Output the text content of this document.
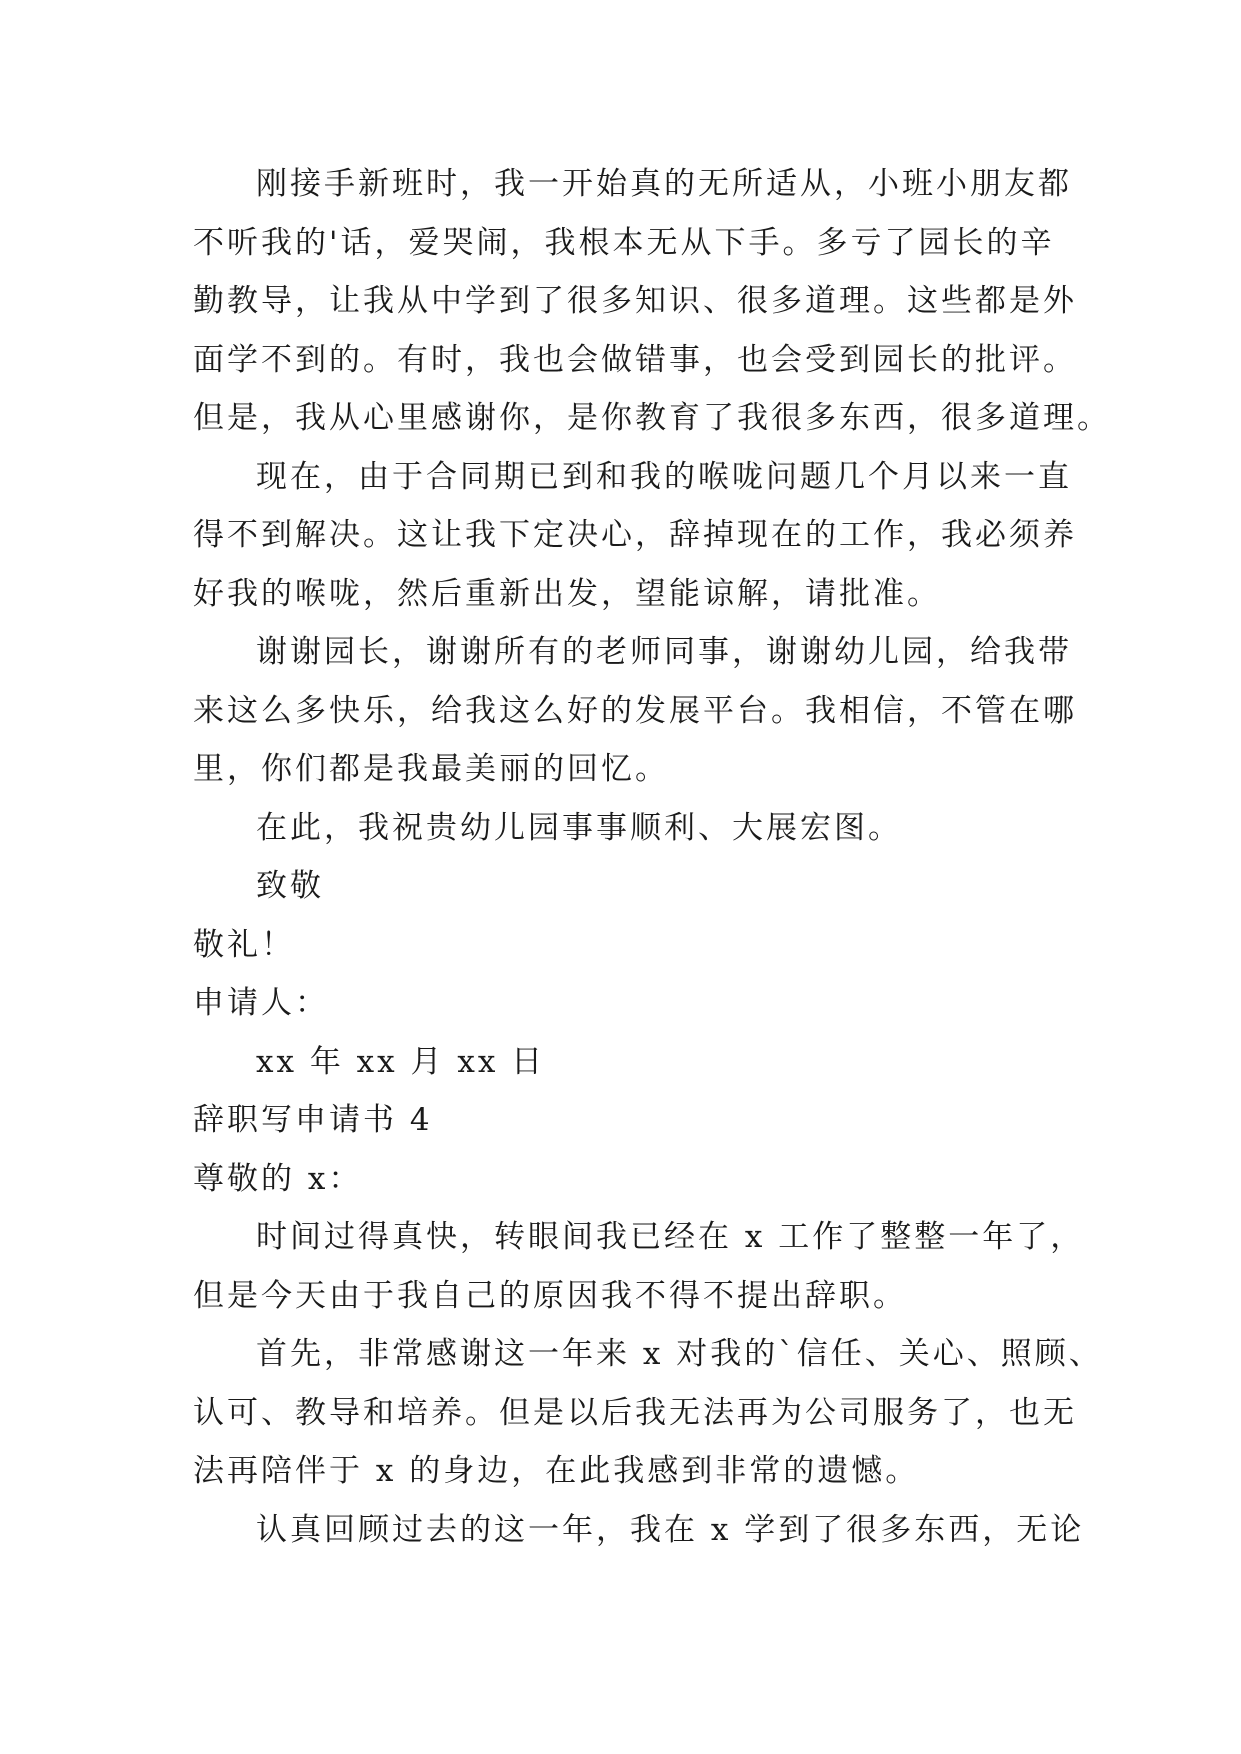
刚接手新班时，我一开始真的无所适从，小班小朋友都
不听我的'话，爱哭闹，我根本无从下手。多亏了园长的辛
勤教导，让我从中学到了很多知识、很多道理。这些都是外
面学不到的。有时，我也会做错事，也会受到园长的批评。
但是，我从心里感谢你，是你教育了我很多东西，很多道理。
现在，由于合同期已到和我的喉咙问题几个月以来一直
得不到解决。这让我下定决心，辞掉现在的工作，我必须养
好我的喉咙，然后重新出发，望能谅解，请批准。
谢谢园长，谢谢所有的老师同事，谢谢幼儿园，给我带
来这么多快乐，给我这么好的发展平台。我相信，不管在哪
里，你们都是我最美丽的回忆。
在此，我祝贵幼儿园事事顺利、大展宏图。
致敬
敬礼！
申请人：
xx 年 xx 月 xx 日
辞职写申请书 4
尊敬的 x：
时间过得真快，转眼间我已经在 x 工作了整整一年了，
但是今天由于我自己的原因我不得不提出辞职。
首先，非常感谢这一年来 x 对我的`信任、关心、照顾、
认可、教导和培养。但是以后我无法再为公司服务了，也无
法再陪伴于 x 的身边，在此我感到非常的遗憾。
认真回顾过去的这一年，我在 x 学到了很多东西，无论
